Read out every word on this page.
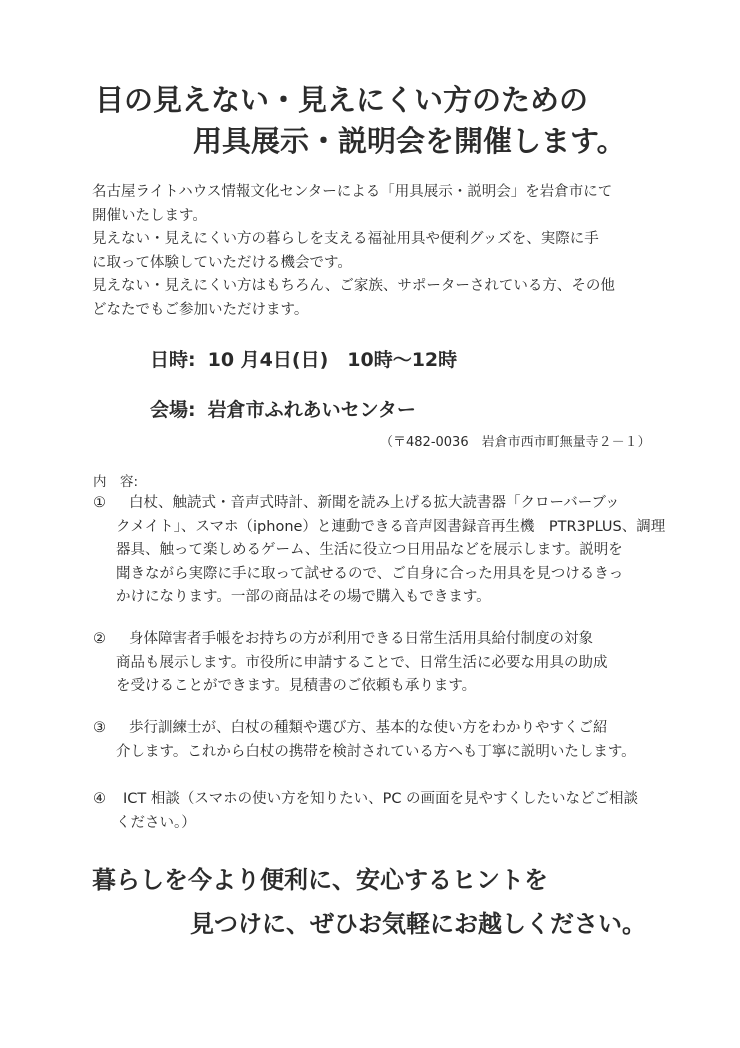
目の見えない・見えにくい方のための
用具展示・説明会を開催します。

名古屋ライトハウス情報文化センターによる「用具展示・説明会」を岩倉市にて

開催いたします。

見えない・見えにくい方の暮らしを支える福祉用具や便利グッズを、実際に手

に取って体験していただける機会です。

見えない・見えにくい方はもちろん、ご家族、サポーターされている方、その他

どなたでもご参加いただけます。

日時: 10 月4日(日)　10時～12時
会場: 岩倉市ふれあいセンター
（〒482-0036　岩倉市西市町無量寺２－１）
内　容:
①	白杖、触読式・音声式時計、新聞を読み上げる拡大読書器「クローバーブッ
クメイト」、スマホ（iphone）と連動できる音声図書録音再生機　PTR3PLUS、調理
器具、触って楽しめるゲーム、生活に役立つ日用品などを展示します。説明を
聞きながら実際に手に取って試せるので、ご自身に合った用具を見つけるきっ
かけになります。一部の商品はその場で購入もできます。
②	身体障害者手帳をお持ちの方が利用できる日常生活用具給付制度の対象
商品も展示します。市役所に申請することで、日常生活に必要な用具の助成
を受けることができます。見積書のご依頼も承ります。
③	歩行訓練士が、白杖の種類や選び方、基本的な使い方をわかりやすくご紹
介します。これから白杖の携帯を検討されている方へも丁寧に説明いたします。
④	ICT 相談（スマホの使い方を知りたい、PC の画面を見やすくしたいなどご相談
ください。）
暮らしを今より便利に、安心するヒントを
見つけに、ぜひお気軽にお越しください。
